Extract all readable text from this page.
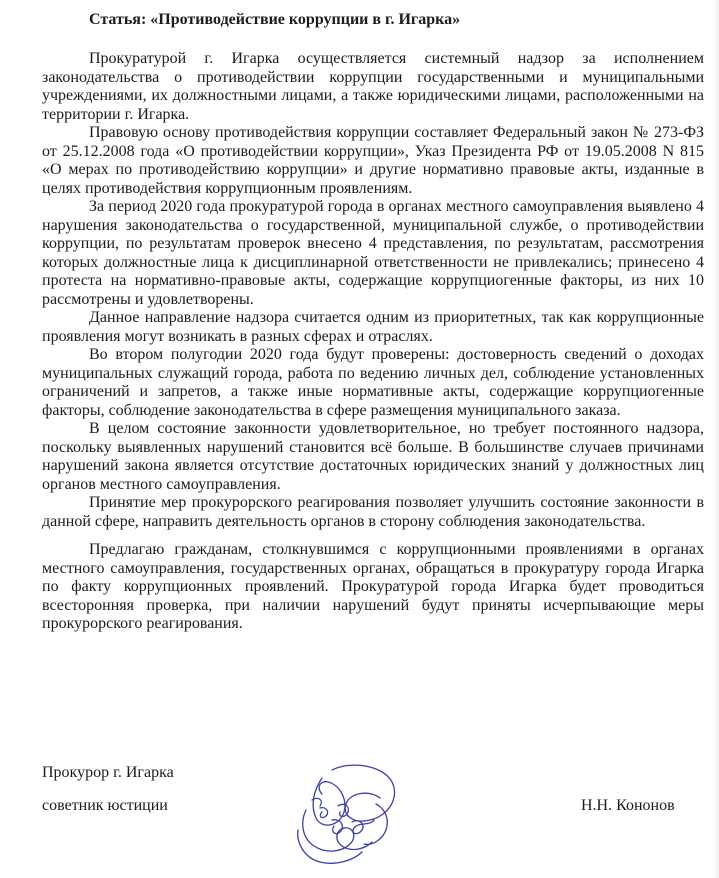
Статья: «Противодействие коррупции в г. Игарка»

Прокуратурой г. Игарка осуществляется системный надзор за исполнением законодательства о противодействии коррупции государственными и муниципальными учреждениями, их должностными лицами, а также юридическими лицами, расположенными на территории г. Игарка.

Правовую основу противодействия коррупции составляет Федеральный закон № 273-ФЗ от 25.12.2008 года «О противодействии коррупции», Указ Президента РФ от 19.05.2008 N 815 «О мерах по противодействию коррупции» и другие нормативно правовые акты, изданные в целях противодействия коррупционным проявлениям.

За период 2020 года прокуратурой города в органах местного самоуправления выявлено 4 нарушения законодательства о государственной, муниципальной службе, о противодействии коррупции, по результатам проверок внесено 4 представления, по результатам, рассмотрения которых должностные лица к дисциплинарной ответственности не привлекались; принесено 4 протеста на нормативно-правовые акты, содержащие коррупциогенные факторы, из них 10 рассмотрены и удовлетворены.

Данное направление надзора считается одним из приоритетных, так как коррупционные проявления могут возникать в разных сферах и отраслях.

Во втором полугодии 2020 года будут проверены: достоверность сведений о доходах муниципальных служащий города, работа по ведению личных дел, соблюдение установленных ограничений и запретов, а также иные нормативные акты, содержащие коррупциогенные факторы, соблюдение законодательства в сфере размещения муниципального заказа.

В целом состояние законности удовлетворительное, но требует постоянного надзора, поскольку выявленных нарушений становится всё больше. В большинстве случаев причинами нарушений закона является отсутствие достаточных юридических знаний у должностных лиц органов местного самоуправления.

Принятие мер прокурорского реагирования позволяет улучшить состояние законности в данной сфере, направить деятельность органов в сторону соблюдения законодательства.

Предлагаю гражданам, столкнувшимся с коррупционными проявлениями в органах местного самоуправления, государственных органах, обращаться в прокуратуру города Игарка по факту коррупционных проявлений. Прокуратурой города Игарка будет проводиться всесторонняя проверка, при наличии нарушений будут приняты исчерпывающие меры прокурорского реагирования.

Прокурор г. Игарка
советник юстиции	Н.Н. Кононов
